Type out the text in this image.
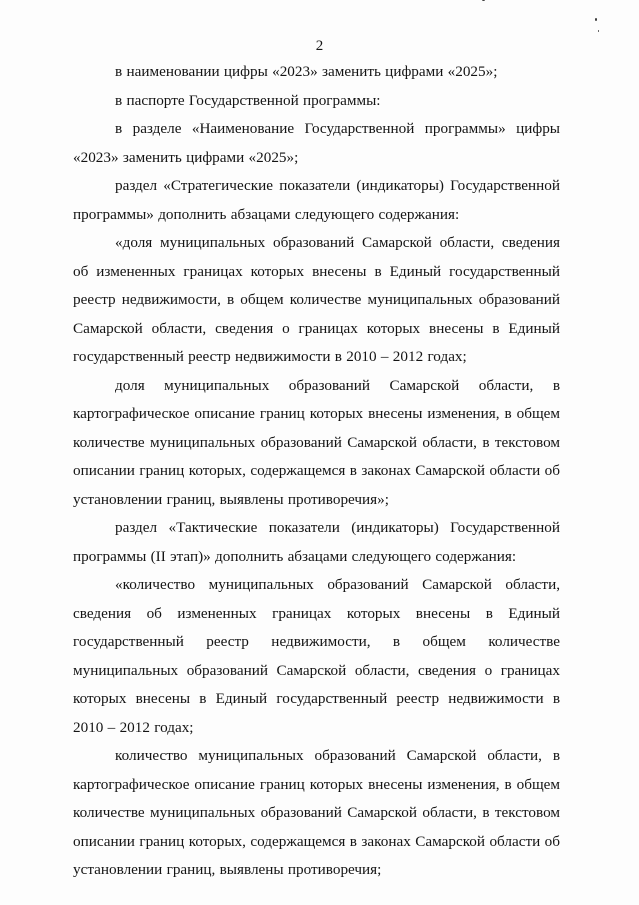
2

в наименовании цифры «2023» заменить цифрами «2025»;

в паспорте Государственной программы:

в разделе «Наименование Государственной программы» цифры «2023» заменить цифрами «2025»;

раздел «Стратегические показатели (индикаторы) Государственной программы» дополнить абзацами следующего содержания:

«доля муниципальных образований Самарской области, сведения об измененных границах которых внесены в Единый государственный реестр недвижимости, в общем количестве муниципальных образований Самарской области, сведения о границах которых внесены в Единый государственный реестр недвижимости в 2010 – 2012 годах;

доля муниципальных образований Самарской области, в картографическое описание границ которых внесены изменения, в общем количестве муниципальных образований Самарской области, в текстовом описании границ которых, содержащемся в законах Самарской области об установлении границ, выявлены противоречия»;

раздел «Тактические показатели (индикаторы) Государственной программы (II этап)» дополнить абзацами следующего содержания:

«количество муниципальных образований Самарской области, сведения об измененных границах которых внесены в Единый государственный реестр недвижимости, в общем количестве муниципальных образований Самарской области, сведения о границах которых внесены в Единый государственный реестр недвижимости в 2010 – 2012 годах;

количество муниципальных образований Самарской области, в картографическое описание границ которых внесены изменения, в общем количестве муниципальных образований Самарской области, в текстовом описании границ которых, содержащемся в законах Самарской области об установлении границ, выявлены противоречия;
